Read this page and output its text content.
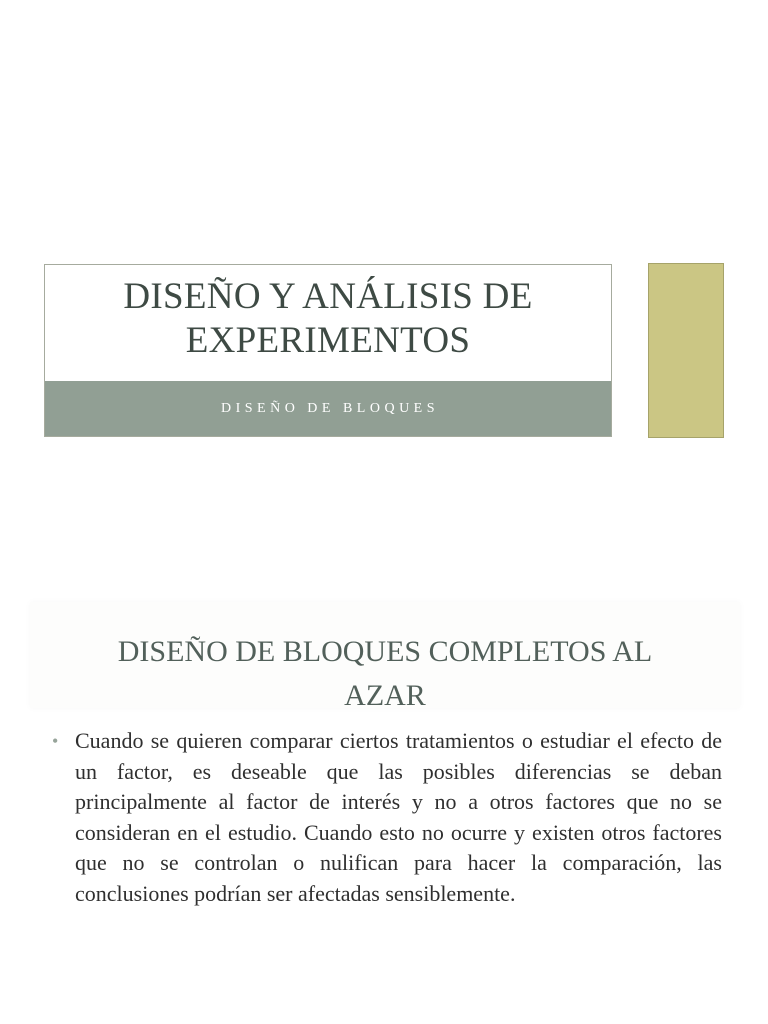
DISEÑO Y ANÁLISIS DE
EXPERIMENTOS
DISEÑO DE BLOQUES
DISEÑO DE BLOQUES COMPLETOS AL
AZAR
• Cuando se quieren comparar ciertos tratamientos o estudiar el efecto de un factor, es deseable que las posibles diferencias se deban principalmente al factor de interés y no a otros factores que no se consideran en el estudio. Cuando esto no ocurre y existen otros factores que no se controlan o nulifican para hacer la comparación, las conclusiones podrían ser afectadas sensiblemente.
